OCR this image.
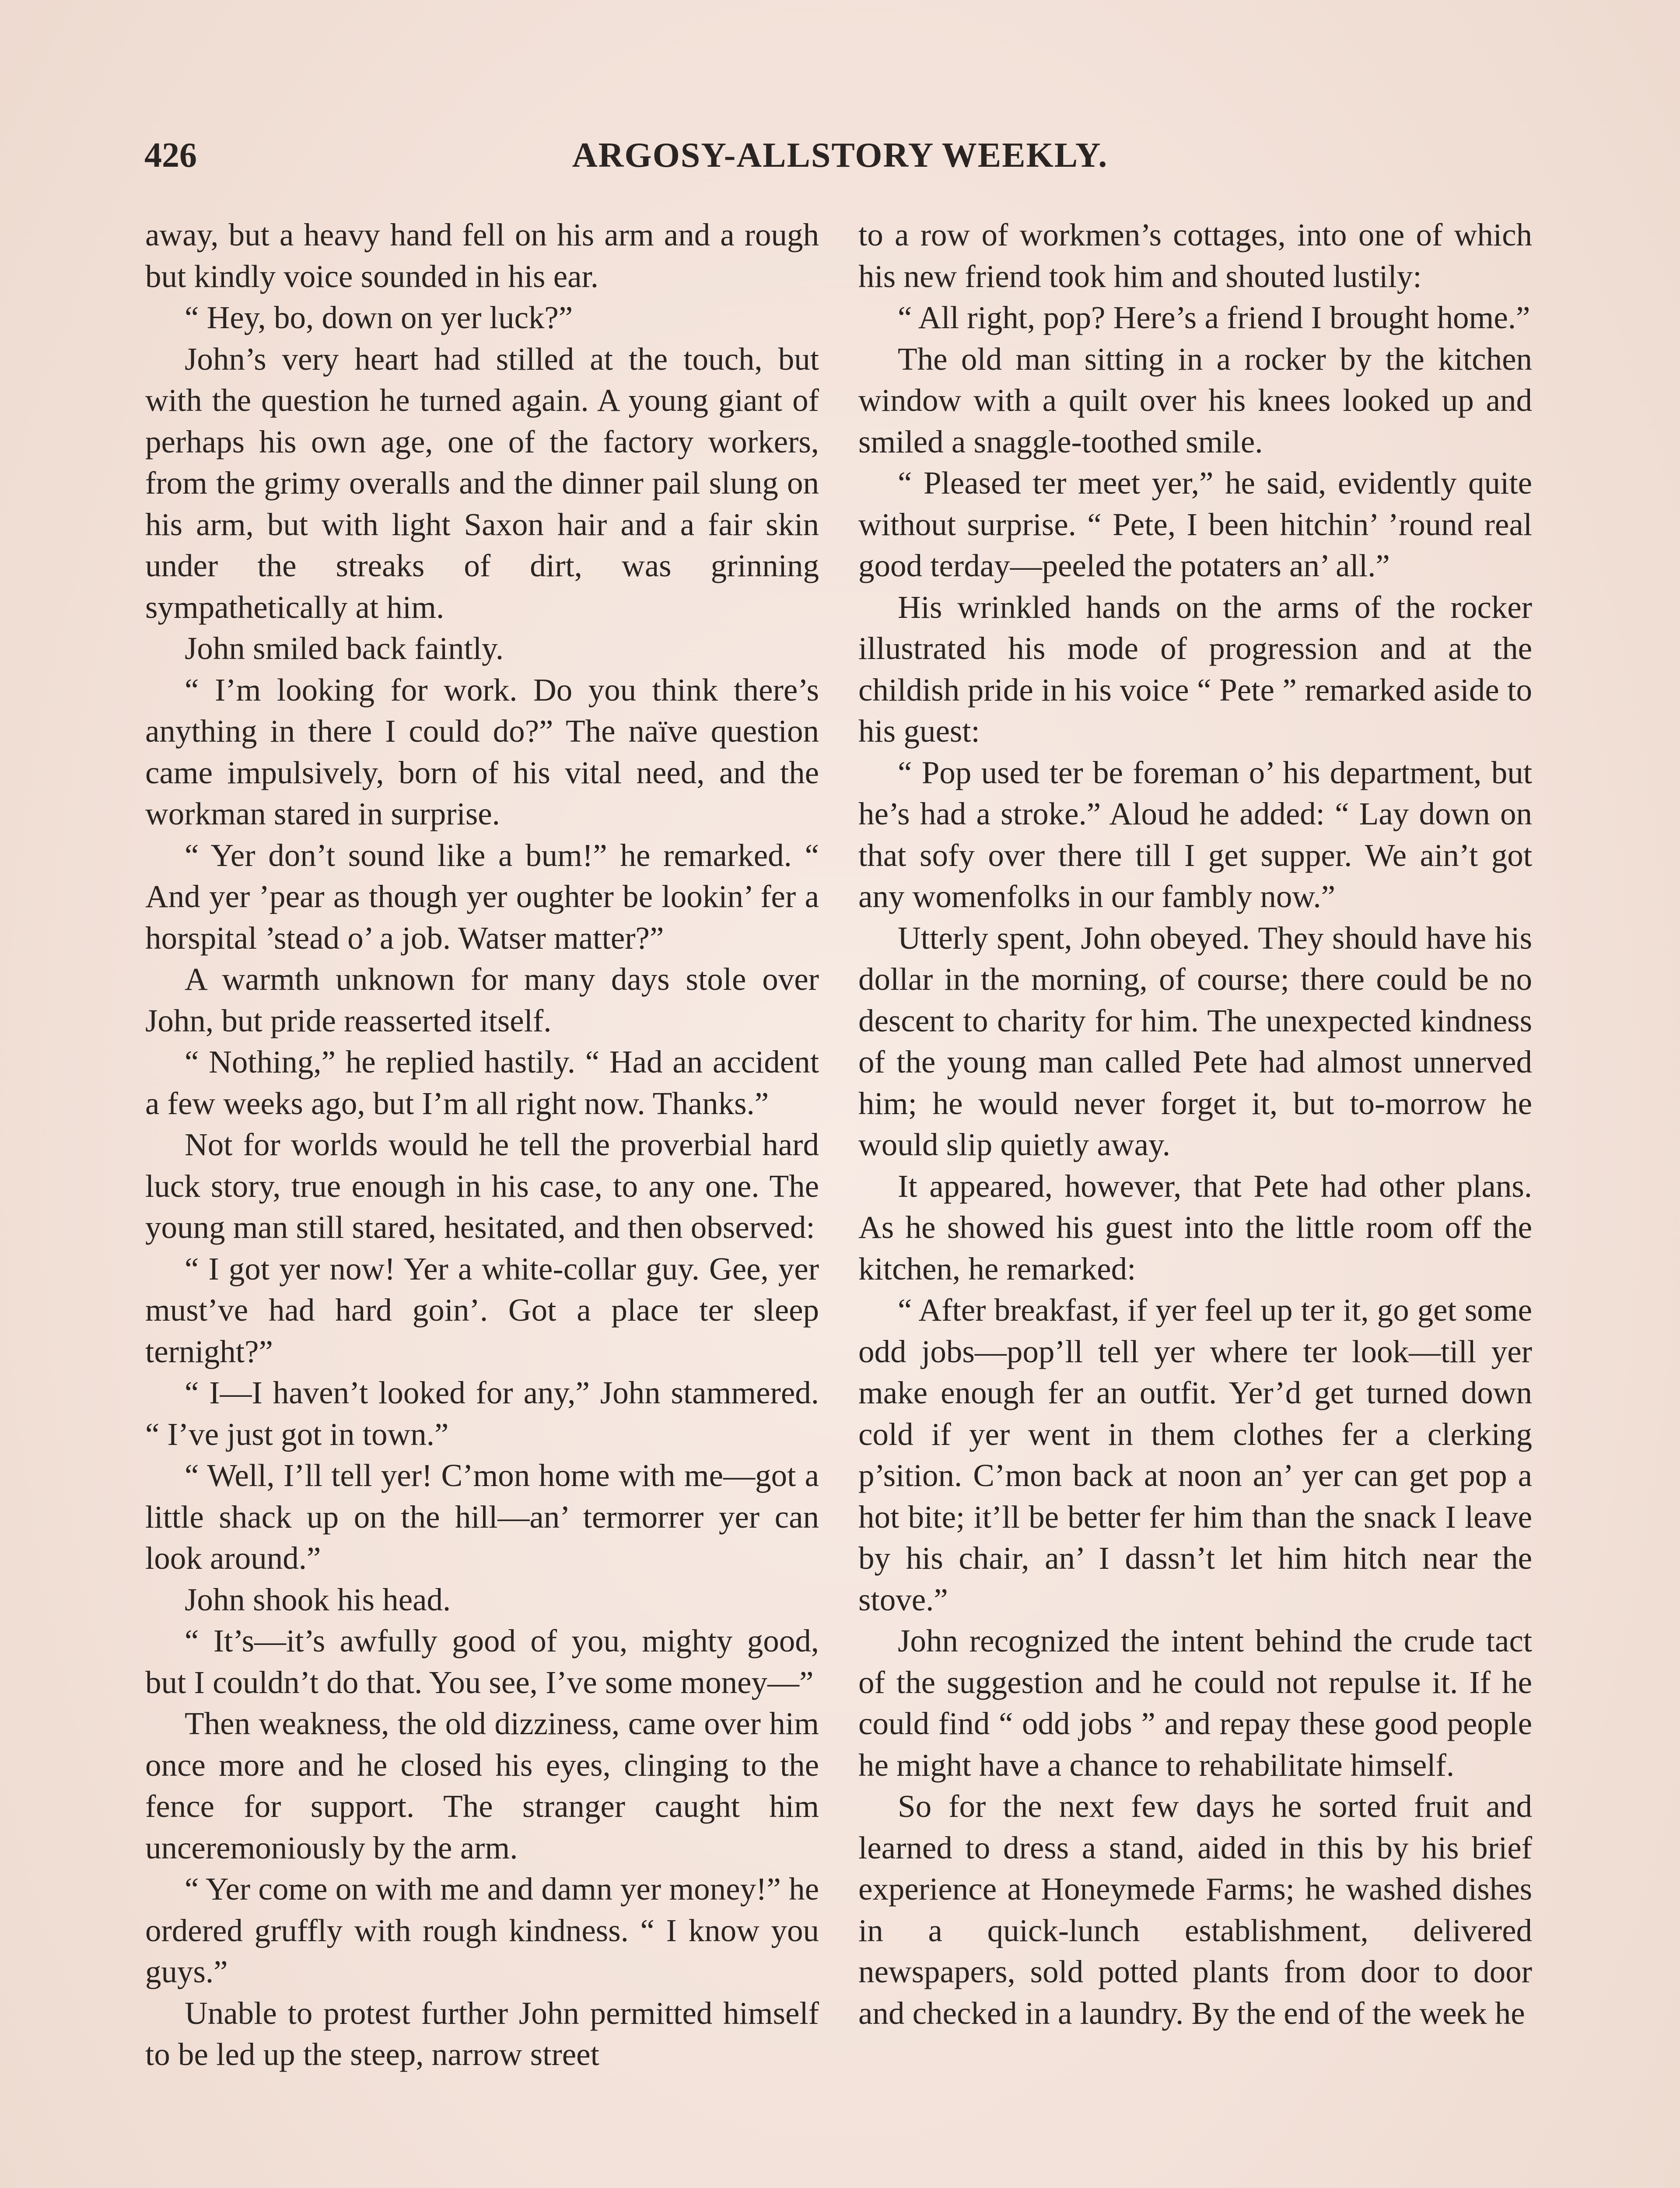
426	ARGOSY-ALLSTORY WEEKLY.

away, but a heavy hand fell on his arm and a rough but kindly voice sounded in his ear.

“ Hey, bo, down on yer luck?”

John’s very heart had stilled at the touch, but with the question he turned again. A young giant of perhaps his own age, one of the factory workers, from the grimy overalls and the dinner pail slung on his arm, but with light Saxon hair and a fair skin under the streaks of dirt, was grinning sympathetically at him.

John smiled back faintly.

“ I’m looking for work. Do you think there’s anything in there I could do?” The naïve question came impulsively, born of his vital need, and the workman stared in surprise.

“ Yer don’t sound like a bum!” he remarked. “ And yer ’pear as though yer oughter be lookin’ fer a horspital ’stead o’ a job. Watser matter?”

A warmth unknown for many days stole over John, but pride reasserted itself.

“ Nothing,” he replied hastily. “ Had an accident a few weeks ago, but I’m all right now. Thanks.”

Not for worlds would he tell the proverbial hard luck story, true enough in his case, to any one. The young man still stared, hesitated, and then observed:

“ I got yer now! Yer a white-collar guy. Gee, yer must’ve had hard goin’. Got a place ter sleep ternight?”

“ I—I haven’t looked for any,” John stammered. “ I’ve just got in town.”

“ Well, I’ll tell yer! C’mon home with me—got a little shack up on the hill—an’ termorrer yer can look around.”

John shook his head.

“ It’s—it’s awfully good of you, mighty good, but I couldn’t do that. You see, I’ve some money—”

Then weakness, the old dizziness, came over him once more and he closed his eyes, clinging to the fence for support. The stranger caught him unceremoniously by the arm.

“ Yer come on with me and damn yer money!” he ordered gruffly with rough kindness. “ I know you guys.”

Unable to protest further John permitted himself to be led up the steep, narrow street

to a row of workmen’s cottages, into one of which his new friend took him and shouted lustily:

“ All right, pop? Here’s a friend I brought home.”

The old man sitting in a rocker by the kitchen window with a quilt over his knees looked up and smiled a snaggle-toothed smile.

“ Pleased ter meet yer,” he said, evidently quite without surprise. “ Pete, I been hitchin’ ’round real good terday—peeled the potaters an’ all.”

His wrinkled hands on the arms of the rocker illustrated his mode of progression and at the childish pride in his voice “ Pete ” remarked aside to his guest:

“ Pop used ter be foreman o’ his department, but he’s had a stroke.” Aloud he added: “ Lay down on that sofy over there till I get supper. We ain’t got any womenfolks in our fambly now.”

Utterly spent, John obeyed. They should have his dollar in the morning, of course; there could be no descent to charity for him. The unexpected kindness of the young man called Pete had almost unnerved him; he would never forget it, but to-morrow he would slip quietly away.

It appeared, however, that Pete had other plans. As he showed his guest into the little room off the kitchen, he remarked:

“ After breakfast, if yer feel up ter it, go get some odd jobs—pop’ll tell yer where ter look—till yer make enough fer an outfit. Yer’d get turned down cold if yer went in them clothes fer a clerking p’sition. C’mon back at noon an’ yer can get pop a hot bite; it’ll be better fer him than the snack I leave by his chair, an’ I dassn’t let him hitch near the stove.”

John recognized the intent behind the crude tact of the suggestion and he could not repulse it. If he could find “ odd jobs ” and repay these good people he might have a chance to rehabilitate himself.

So for the next few days he sorted fruit and learned to dress a stand, aided in this by his brief experience at Honeymede Farms; he washed dishes in a quick-lunch establishment, delivered newspapers, sold potted plants from door to door and checked in a laundry. By the end of the week he
